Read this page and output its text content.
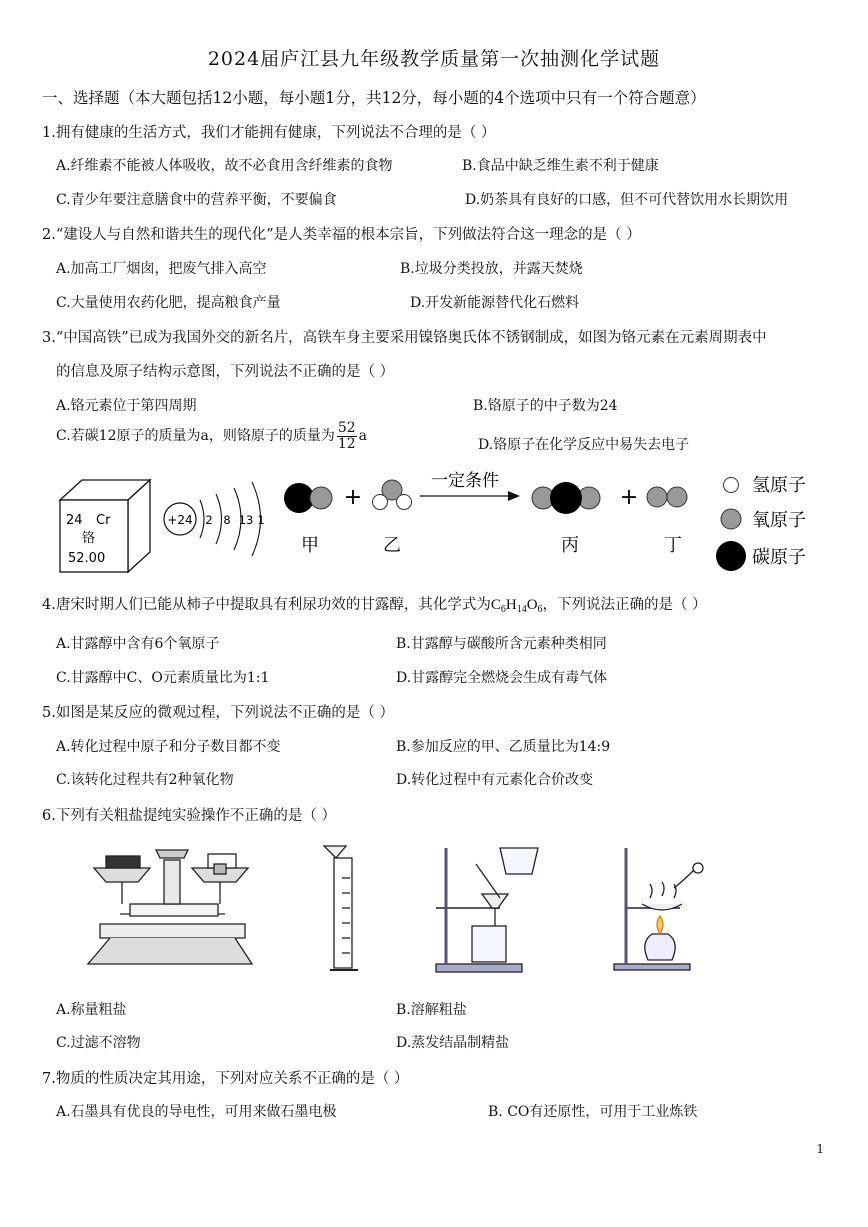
2024届庐江县九年级教学质量第一次抽测化学试题
一、选择题（本大题包括12小题，每小题1分，共12分，每小题的4个选项中只有一个符合题意）
1.拥有健康的生活方式，我们才能拥有健康，下列说法不合理的是（ ）
A.纤维素不能被人体吸收，故不必食用含纤维素的食物	B.食品中缺乏维生素不利于健康
C.青少年要注意膳食中的营养平衡，不要偏食	D.奶茶具有良好的口感，但不可代替饮用水长期饮用
2.“建设人与自然和谐共生的现代化”是人类幸福的根本宗旨，下列做法符合这一理念的是（ ）
A.加高工厂烟囱，把废气排入高空	B.垃圾分类投放，并露天焚烧
C.大量使用农药化肥，提高粮食产量	D.开发新能源替代化石燃料
3.“中国高铁”已成为我国外交的新名片，高铁车身主要采用镍铬奥氏体不锈钢制成，如图为铬元素在元素周期表中
的信息及原子结构示意图，下列说法不正确的是（ ）
A.铬元素位于第四周期	B.铬原子的中子数为24
C.若碳12原子的质量为a，则铬原子的质量为 $\frac{52}{12}$ a
D.铬原子在化学反应中易失去电子
24 Cr
铬
52.00
+24 2 8 13 1
+
一定条件
+
甲	乙	丙	丁
氢原子
氧原子
碳原子
4.唐宋时期人们已能从柿子中提取具有利尿功效的甘露醇，其化学式为$C_6H_{14}O_6$，下列说法正确的是（ ）
A.甘露醇中含有6个氧原子	B.甘露醇与碳酸所含元素种类相同
C.甘露醇中C、O元素质量比为1:1	D.甘露醇完全燃烧会生成有毒气体
5.如图是某反应的微观过程，下列说法不正确的是（ ）
A.转化过程中原子和分子数目都不变	B.参加反应的甲、乙质量比为14:9
C.该转化过程共有2种氧化物	D.转化过程中有元素化合价改变
6.下列有关粗盐提纯实验操作不正确的是（ ）
A.称量粗盐	B.溶解粗盐
C.过滤不溶物	D.蒸发结晶制精盐
7.物质的性质决定其用途，下列对应关系不正确的是（ ）
A.石墨具有优良的导电性，可用来做石墨电极	B. CO有还原性，可用于工业炼铁
1
